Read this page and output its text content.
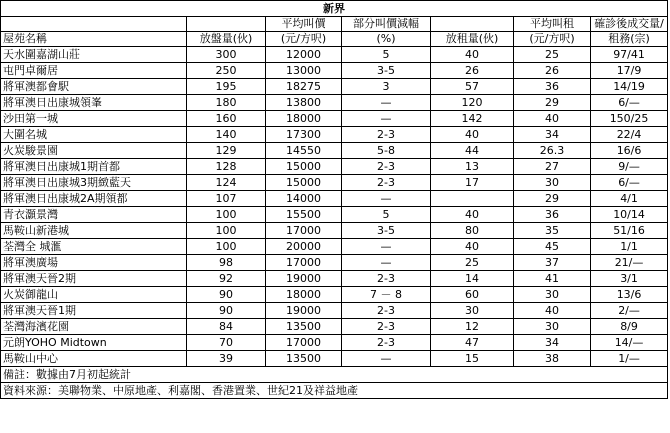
新界						
		平均叫價	部分叫價減幅		平均叫租	確診後成交量/
屋苑名稱	放盤量(伙)	(元/方呎)	(%)	放租量(伙)	(元/方呎)	租務(宗)
天水圍嘉湖山莊	300	12000	5	40	25	97/41
屯門卓爾居	250	13000	3-5	26	26	17/9
將軍澳都會駅	195	18275	3	57	36	14/19
將軍澳日出康城領峯	180	13800	—	120	29	6/—
沙田第一城	160	18000	—	142	40	150/25
大圍名城	140	17300	2-3	40	34	22/4
火炭駿景園	129	14550	5-8	44	26.3	16/6
將軍澳日出康城1期首都	128	15000	2-3	13	27	9/—
將軍澳日出康城3期緻藍天	124	15000	2-3	17	30	6/—
將軍澳日出康城2A期領都	107	14000	—		29	4/1
青衣灝景灣	100	15500	5	40	36	10/14
馬鞍山新港城	100	17000	3-5	80	35	51/16
荃灣全 城滙	100	20000	—	40	45	1/1
將軍澳廣場	98	17000	—	25	37	21/—
將軍澳天晉2期	92	19000	2-3	14	41	3/1
火炭御龍山	90	18000	7 － 8	60	30	13/6
將軍澳天晉1期	90	19000	2-3	30	40	2/—
荃灣海濱花園	84	13500	2-3	12	30	8/9
元朗YOHO Midtown	70	17000	2-3	47	34	14/—
馬鞍山中心	39	13500	—	15	38	1/—
備註：數據由7月初起統計						
資料來源：美聯物業、中原地產、利嘉閣、香港置業、世紀21及祥益地產						
